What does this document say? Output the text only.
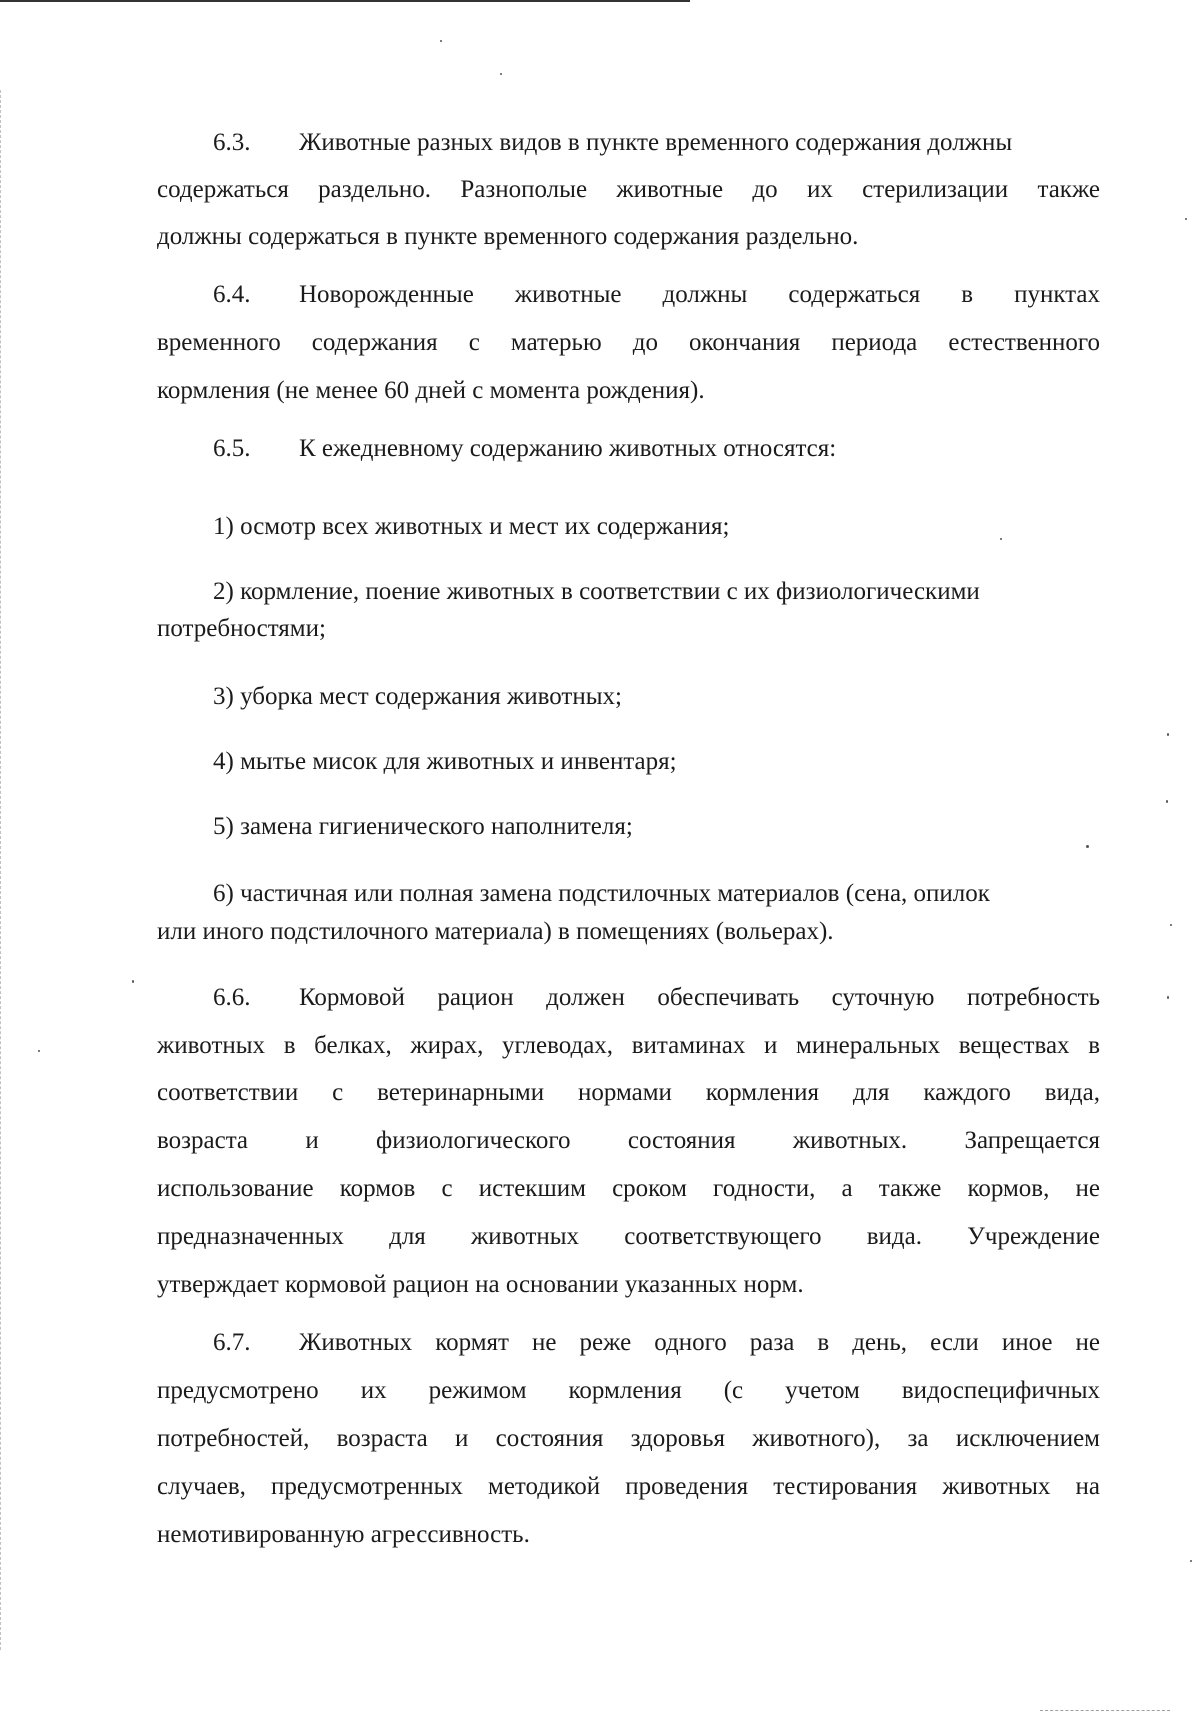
6.3. Животные разных видов в пункте временного содержания должны
содержаться раздельно. Разнополые животные до их стерилизации также
должны содержаться в пункте временного содержания раздельно.
6.4. Новорожденные животные должны содержаться в пунктах
временного содержания с матерью до окончания периода естественного
кормления (не менее 60 дней с момента рождения).
6.5. К ежедневному содержанию животных относятся:
1) осмотр всех животных и мест их содержания;
2) кормление, поение животных в соответствии с их физиологическими
потребностями;
3) уборка мест содержания животных;
4) мытье мисок для животных и инвентаря;
5) замена гигиенического наполнителя;
6) частичная или полная замена подстилочных материалов (сена, опилок
или иного подстилочного материала) в помещениях (вольерах).
6.6. Кормовой рацион должен обеспечивать суточную потребность
животных в белках, жирах, углеводах, витаминах и минеральных веществах в
соответствии с ветеринарными нормами кормления для каждого вида,
возраста и физиологического состояния животных. Запрещается
использование кормов с истекшим сроком годности, а также кормов, не
предназначенных для животных соответствующего вида. Учреждение
утверждает кормовой рацион на основании указанных норм.
6.7. Животных кормят не реже одного раза в день, если иное не
предусмотрено их режимом кормления (с учетом видоспецифичных
потребностей, возраста и состояния здоровья животного), за исключением
случаев, предусмотренных методикой проведения тестирования животных на
немотивированную агрессивность.
